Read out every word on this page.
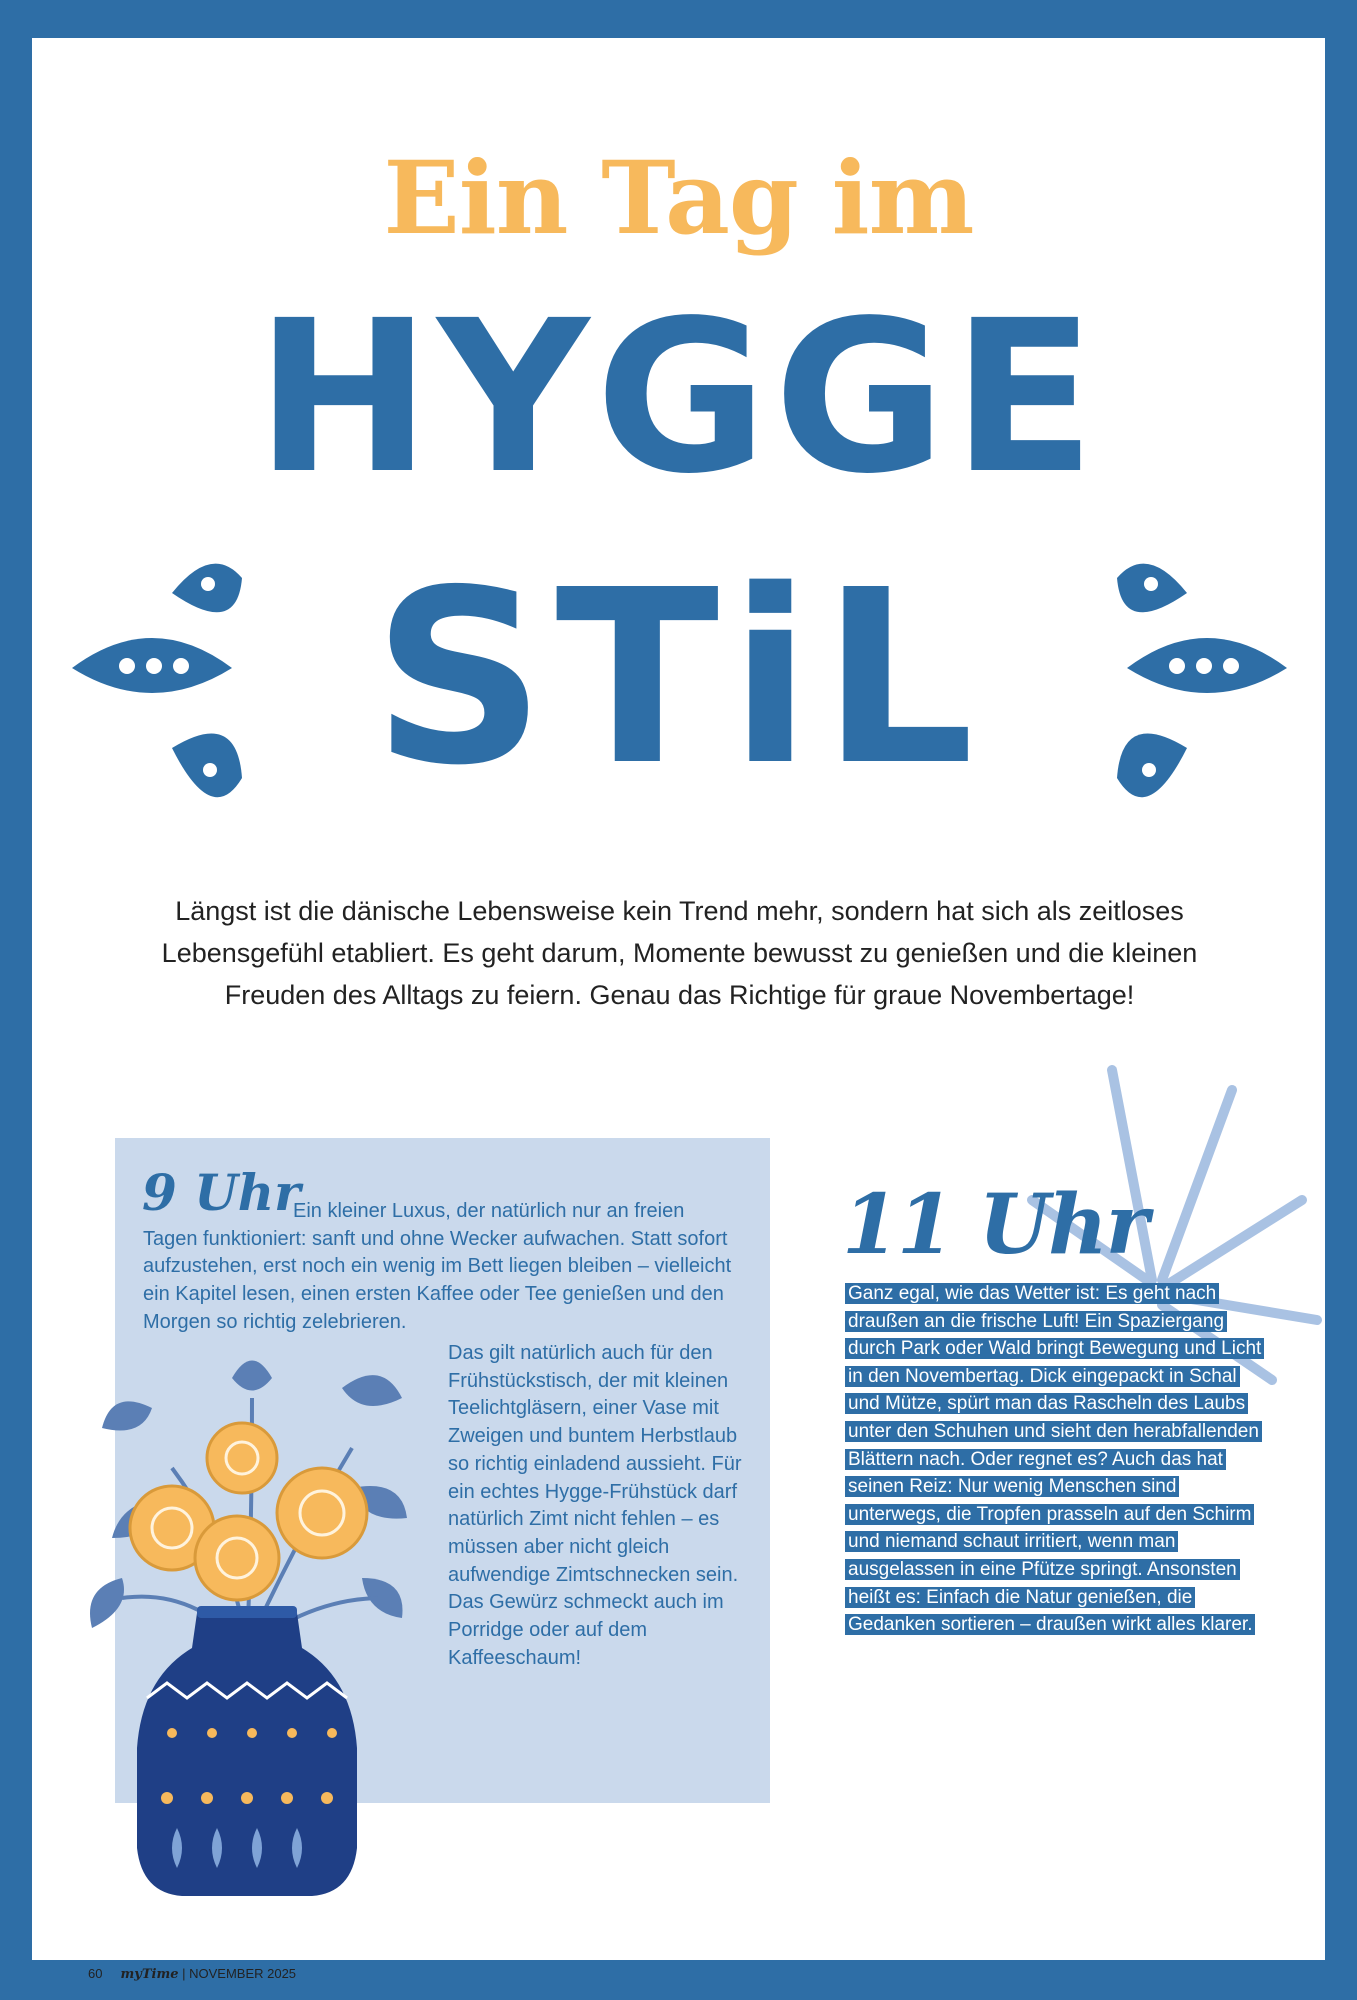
Ein Tag im
HYGGE
STiL
Längst ist die dänische Lebensweise kein Trend mehr, sondern hat sich als zeitloses Lebensgefühl etabliert. Es geht darum, Momente bewusst zu genießen und die kleinen Freuden des Alltags zu feiern. Genau das Richtige für graue Novembertage!
9 Uhr
Ein kleiner Luxus, der natürlich nur an freien Tagen funktioniert: sanft und ohne Wecker aufwachen. Statt sofort aufzustehen, erst noch ein wenig im Bett liegen bleiben – vielleicht ein Kapitel lesen, einen ersten Kaffee oder Tee genießen und den Morgen so richtig zelebrieren.
Das gilt natürlich auch für den Frühstückstisch, der mit kleinen Teelichtgläsern, einer Vase mit Zweigen und buntem Herbstlaub so richtig einladend aussieht. Für ein echtes Hygge-Frühstück darf natürlich Zimt nicht fehlen – es müssen aber nicht gleich aufwendige Zimtschnecken sein. Das Gewürz schmeckt auch im Porridge oder auf dem Kaffeeschaum!
11 Uhr
Ganz egal, wie das Wetter ist: Es geht nach draußen an die frische Luft! Ein Spaziergang durch Park oder Wald bringt Bewegung und Licht in den Novembertag. Dick eingepackt in Schal und Mütze, spürt man das Rascheln des Laubs unter den Schuhen und sieht den herabfallenden Blättern nach. Oder regnet es? Auch das hat seinen Reiz: Nur wenig Menschen sind unterwegs, die Tropfen prasseln auf den Schirm und niemand schaut irritiert, wenn man ausgelassen in eine Pfütze springt. Ansonsten heißt es: Einfach die Natur genießen, die Gedanken sortieren – draußen wirkt alles klarer.
60 myTime | NOVEMBER 2025
